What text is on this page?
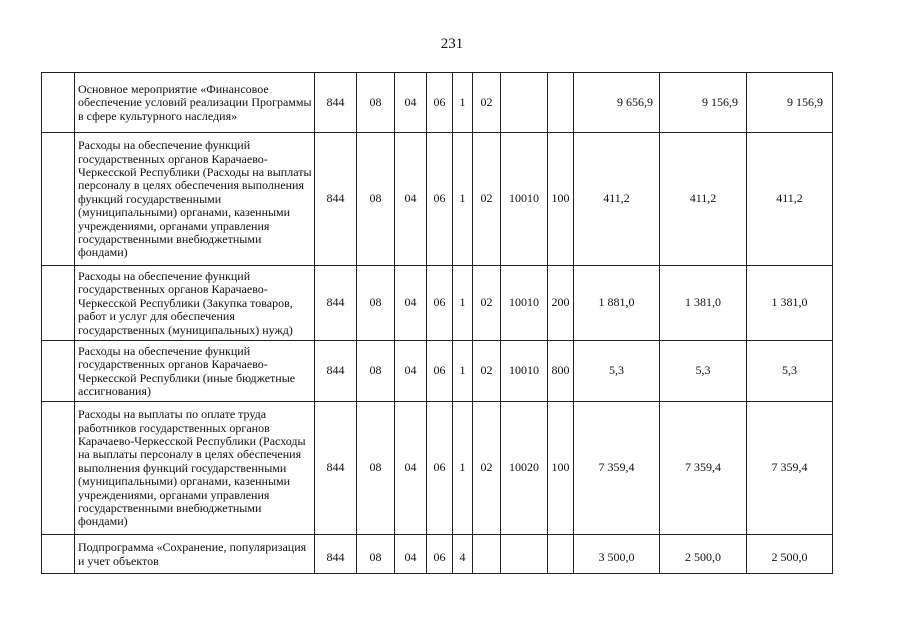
231
	Основное мероприятие «Финансовое обеспечение условий реализации Программы в сфере культурного наследия»	844	08	04	06	1	02			9 656,9	9 156,9	9 156,9
	Расходы на обеспечение функций государственных органов Карачаево-Черкесской Республики (Расходы на выплаты персоналу в целях обеспечения выполнения функций государственными (муниципальными) органами, казенными учреждениями, органами управления государственными внебюджетными фондами)	844	08	04	06	1	02	10010	100	411,2	411,2	411,2
	Расходы на обеспечение функций государственных органов Карачаево-Черкесской Республики (Закупка товаров, работ и услуг для обеспечения государственных (муниципальных) нужд)	844	08	04	06	1	02	10010	200	1 881,0	1 381,0	1 381,0
	Расходы на обеспечение функций государственных органов Карачаево-Черкесской Республики (иные бюджетные ассигнования)	844	08	04	06	1	02	10010	800	5,3	5,3	5,3
	Расходы на выплаты по оплате труда работников государственных органов Карачаево-Черкесской Республики (Расходы на выплаты персоналу в целях обеспечения выполнения функций государственными (муниципальными) органами, казенными учреждениями, органами управления государственными внебюджетными фондами)	844	08	04	06	1	02	10020	100	7 359,4	7 359,4	7 359,4
	Подпрограмма «Сохранение, популяризация и учет объектов	844	08	04	06	4				3 500,0	2 500,0	2 500,0
